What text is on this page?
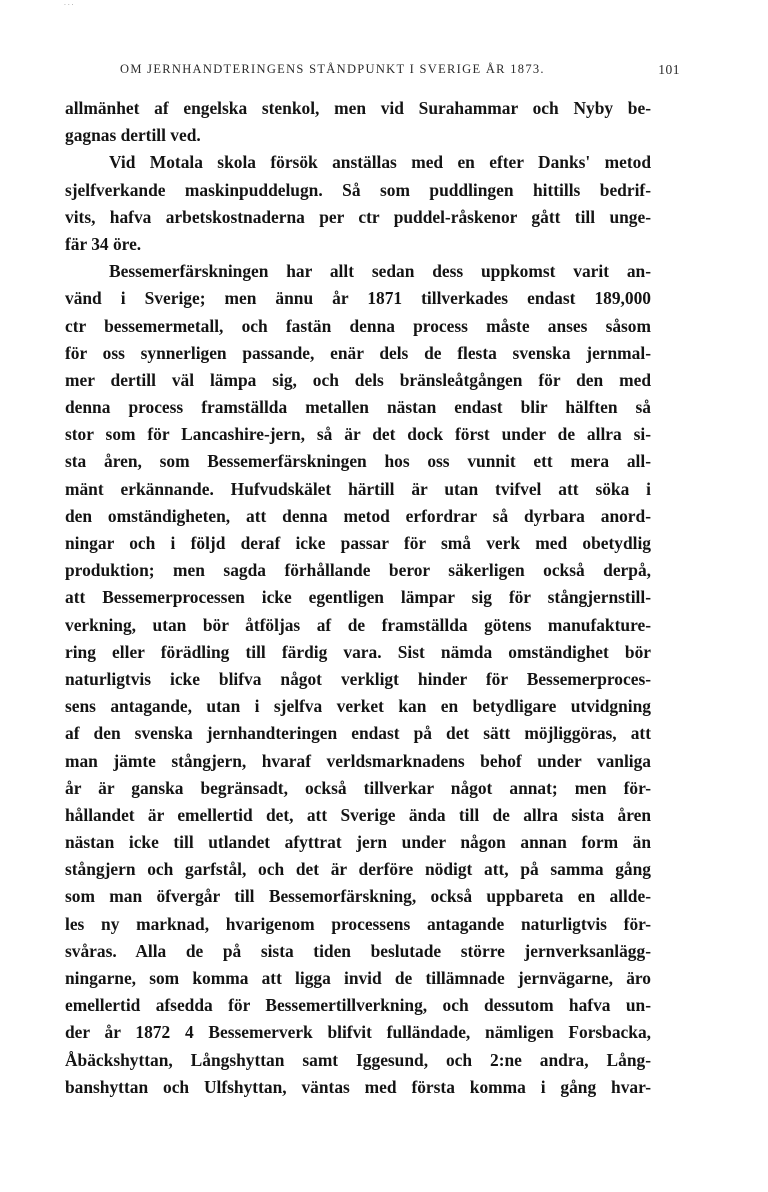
· · ·
OM JERNHANDTERINGENS STÅNDPUNKT I SVERIGE ÅR 1873.	101
allmänhet af engelska stenkol, men vid Surahammar och Nyby be-
gagnas dertill ved.
Vid Motala skola försök anställas med en efter Danks' metod
sjelfverkande maskinpuddelugn. Så som puddlingen hittills bedrif-
vits, hafva arbetskostnaderna per ctr puddel-råskenor gått till unge-
fär 34 öre.
Bessemerfärskningen har allt sedan dess uppkomst varit an-
vänd i Sverige; men ännu år 1871 tillverkades endast 189,000
ctr bessemermetall, och fastän denna process måste anses såsom
för oss synnerligen passande, enär dels de flesta svenska jernmal-
mer dertill väl lämpa sig, och dels bränsleåtgången för den med
denna process framställda metallen nästan endast blir hälften så
stor som för Lancashire-jern, så är det dock först under de allra si-
sta åren, som Bessemerfärskningen hos oss vunnit ett mera all-
mänt erkännande. Hufvudskälet härtill är utan tvifvel att söka i
den omständigheten, att denna metod erfordrar så dyrbara anord-
ningar och i följd deraf icke passar för små verk med obetydlig
produktion; men sagda förhållande beror säkerligen också derpå,
att Bessemerprocessen icke egentligen lämpar sig för stångjernstill-
verkning, utan bör åtföljas af de framställda götens manufakture-
ring eller förädling till färdig vara. Sist nämda omständighet bör
naturligtvis icke blifva något verkligt hinder för Bessemerproces-
sens antagande, utan i sjelfva verket kan en betydligare utvidgning
af den svenska jernhandteringen endast på det sätt möjliggöras, att
man jämte stångjern, hvaraf verldsmarknadens behof under vanliga
år är ganska begränsadt, också tillverkar något annat; men för-
hållandet är emellertid det, att Sverige ända till de allra sista åren
nästan icke till utlandet afyttrat jern under någon annan form än
stångjern och garfstål, och det är derföre nödigt att, på samma gång
som man öfvergår till Bessemorfärskning, också uppbareta en allde-
les ny marknad, hvarigenom processens antagande naturligtvis för-
svåras. Alla de på sista tiden beslutade större jernverksanlägg-
ningarne, som komma att ligga invid de tillämnade jernvägarne, äro
emellertid afsedda för Bessemertillverkning, och dessutom hafva un-
der år 1872 4 Bessemerverk blifvit fulländade, nämligen Forsbacka,
Åbäckshyttan, Långshyttan samt Iggesund, och 2:ne andra, Lång-
banshyttan och Ulfshyttan, väntas med första komma i gång hvar-
